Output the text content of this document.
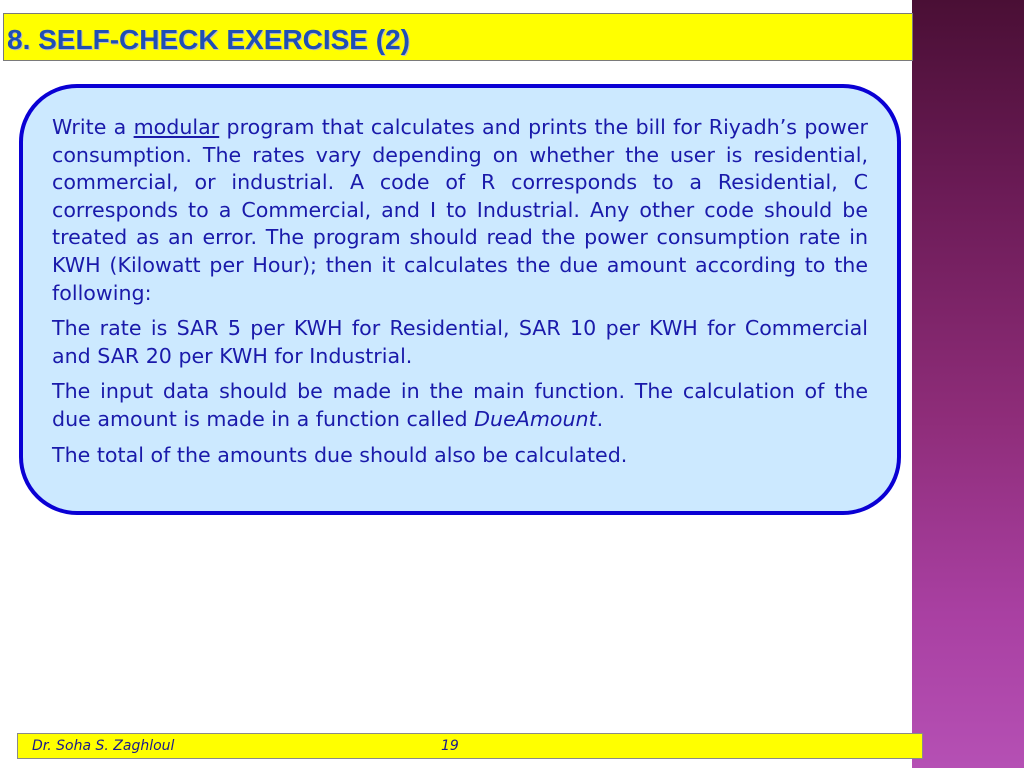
8. SELF-CHECK EXERCISE (2)

Write a modular program that calculates and prints the bill for Riyadh’s power consumption. The rates vary depending on whether the user is residential, commercial, or industrial. A code of R corresponds to a Residential, C corresponds to a Commercial, and I to Industrial. Any other code should be treated as an error. The program should read the power consumption rate in KWH (Kilowatt per Hour); then it calculates the due amount according to the following:

The rate is SAR 5 per KWH for Residential, SAR 10 per KWH for Commercial and SAR 20 per KWH for Industrial.

The input data should be made in the main function. The calculation of the due amount is made in a function called DueAmount.

The total of the amounts due should also be calculated.

Dr. Soha S. Zaghloul	19
